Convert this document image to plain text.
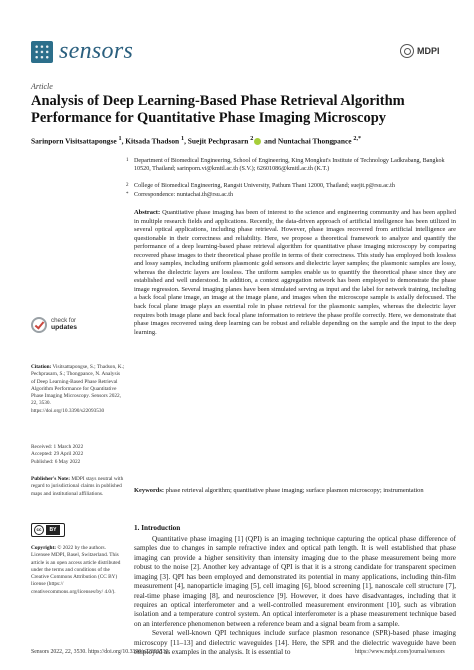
sensors	MDPI
Article
Analysis of Deep Learning-Based Phase Retrieval Algorithm Performance for Quantitative Phase Imaging Microscopy
Sarinporn Visitsattapongse $^1$, Kitsada Thadson $^1$, Suejit Pechprasarn $^2$ and Nuntachai Thongpance $^{2,*}$
1 Department of Biomedical Engineering, School of Engineering, King Mongkut's Institute of Technology Ladkrabang, Bangkok 10520, Thailand; sarinporn.vi@kmitl.ac.th (S.V.); 62601086@kmitl.ac.th (K.T.)
2 College of Biomedical Engineering, Rangsit University, Pathum Thani 12000, Thailand; suejit.p@rsu.ac.th
* Correspondence: nuntachai.th@rsu.ac.th
Abstract: Quantitative phase imaging has been of interest to the science and engineering community and has been applied in multiple research fields and applications. Recently, the data-driven approach of artificial intelligence has been utilized in several optical applications, including phase retrieval. However, phase images recovered from artificial intelligence are questionable in their correctness and reliability. Here, we propose a theoretical framework to analyze and quantify the performance of a deep learning-based phase retrieval algorithm for quantitative phase imaging microscopy by comparing recovered phase images to their theoretical phase profile in terms of their correctness. This study has employed both lossless and lossy samples, including uniform plasmonic gold sensors and dielectric layer samples; the plasmonic samples are lossy, whereas the dielectric layers are lossless. The uniform samples enable us to quantify the theoretical phase since they are established and well understood. In addition, a context aggregation network has been employed to demonstrate the phase image regression. Several imaging planes have been simulated serving as input and the label for network training, including a back focal plane image, an image at the image plane, and images when the microscope sample is axially defocused. The back focal plane image plays an essential role in phase retrieval for the plasmonic samples, whereas the dielectric layer requires both image plane and back focal plane information to retrieve the phase profile correctly. Here, we demonstrate that phase images recovered using deep learning can be robust and reliable depending on the sample and the input to the deep learning.
Keywords: phase retrieval algorithm; quantitative phase imaging; surface plasmon microscopy; instrumentation
1. Introduction

Quantitative phase imaging [1] (QPI) is an imaging technique capturing the optical phase difference of samples due to changes in sample refractive index and optical path length. It is well established that phase imaging can provide a higher sensitivity than intensity imaging due to the phase measurement being more robust to the noise [2]. Another key advantage of QPI is that it is a strong candidate for transparent specimen imaging [3]. QPI has been employed and demonstrated its potential in many applications, including thin-film measurement [4], nanoparticle imaging [5], cell imaging [6], blood screening [1], nanoscale cell structure [7], real-time phase imaging [8], and neuroscience [9]. However, it does have disadvantages, including that it requires an optical interferometer and a well-controlled measurement environment [10], such as vibration isolation and a temperature control system. An optical interferometer is a phase measurement technique based on an interference phenomenon between a reference beam and a signal beam from a sample.

Several well-known QPI techniques include surface plasmon resonance (SPR)-based phase imaging microscopy [11–13] and dielectric waveguides [14]. Here, the SPR and the dielectric waveguide have been employed as examples in the analysis. It is essential to

check for
updates
Citation: Visitsattapongse, S.; Thadson, K.; Pechprasarn, S.; Thongpance, N. Analysis of Deep Learning-Based Phase Retrieval Algorithm Performance for Quantitative Phase Imaging Microscopy. Sensors 2022, 22, 3530. https://doi.org/10.3390/s22093530
Received: 1 March 2022
Accepted: 29 April 2022
Published: 6 May 2022
Publisher's Note: MDPI stays neutral with regard to jurisdictional claims in published maps and institutional affiliations.
cc	BY
Copyright: © 2022 by the authors. Licensee MDPI, Basel, Switzerland. This article is an open access article distributed under the terms and conditions of the Creative Commons Attribution (CC BY) license (https:// creativecommons.org/licenses/by/ 4.0/).
Sensors 2022, 22, 3530. https://doi.org/10.3390/s22093530	https://www.mdpi.com/journal/sensors
